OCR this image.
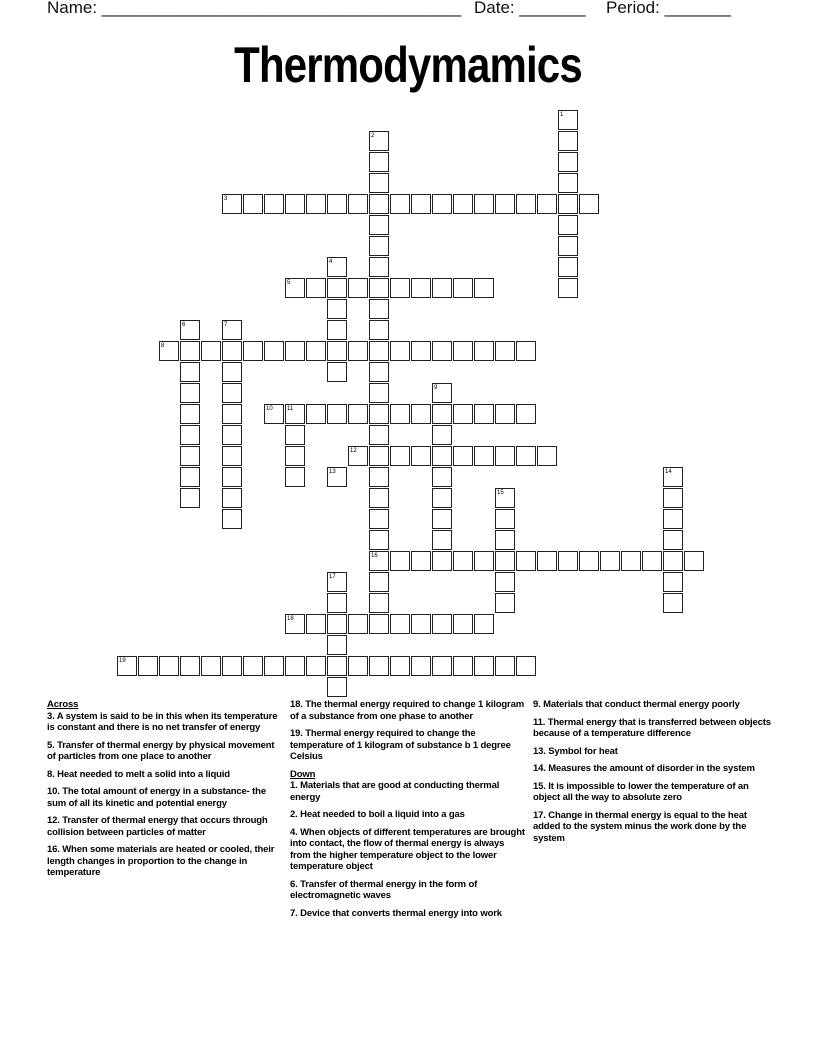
Name: ______________________________________ Date: _______ Period: _______
Thermodymamics
3
5
8
10
12
13
16
18
19
1
2
4
6	7
9
11
14
15
17
Across
3. A system is said to be in this when its temperature is constant and there is no net transfer of energy
5. Transfer of thermal energy by physical movement of particles from one place to another
8. Heat needed to melt a solid into a liquid
10. The total amount of energy in a substance- the sum of all its kinetic and potential energy
12. Transfer of thermal energy that occurs through collision between particles of matter
16. When some materials are heated or cooled, their length changes in proportion to the change in temperature
18. The thermal energy required to change 1 kilogram of a substance from one phase to another
19. Thermal energy required to change the temperature of 1 kilogram of substance b 1 degree Celsius
Down
1. Materials that are good at conducting thermal energy
2. Heat needed to boil a liquid into a gas
4. When objects of different temperatures are brought into contact, the flow of thermal energy is always from the higher temperature object to the lower temperature object
6. Transfer of thermal energy in the form of electromagnetic waves
7. Device that converts thermal energy into work
9. Materials that conduct thermal energy poorly
11. Thermal energy that is transferred between objects because of a temperature difference
13. Symbol for heat
14. Measures the amount of disorder in the system
15. It is impossible to lower the temperature of an object all the way to absolute zero
17. Change in thermal energy is equal to the heat added to the system minus the work done by the system
